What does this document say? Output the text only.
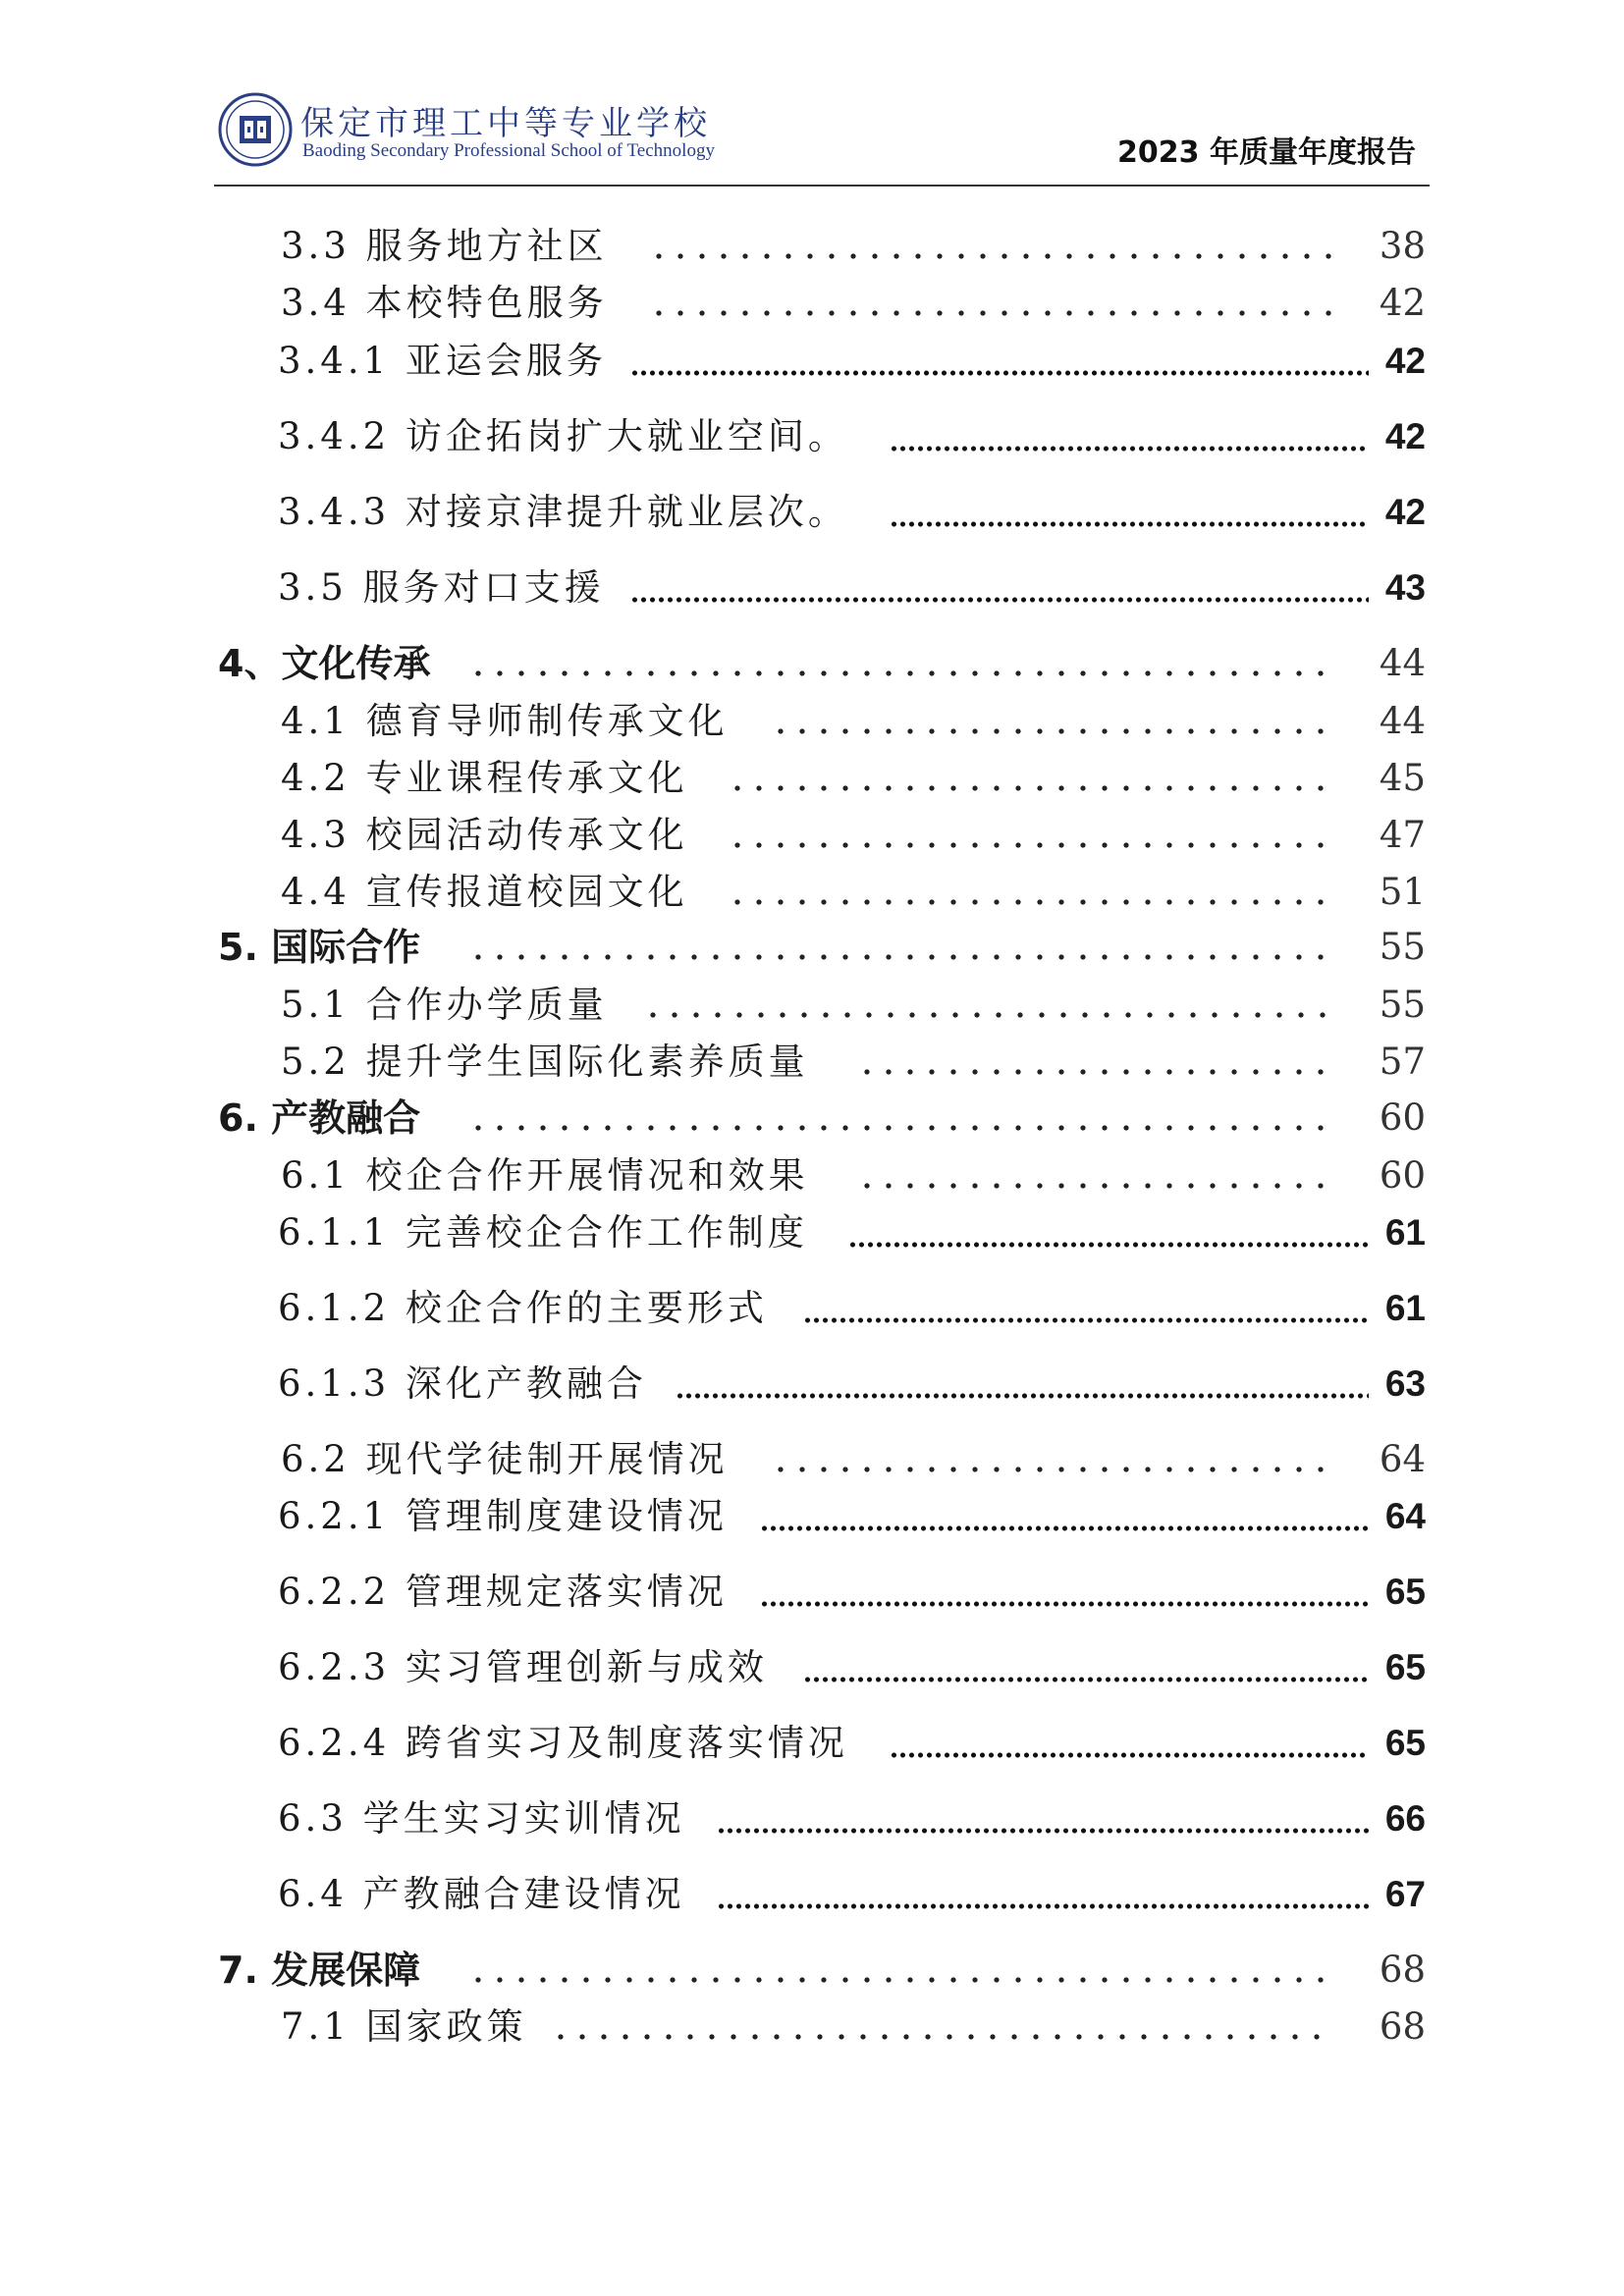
保定市理工中等专业学校
Baoding Secondary Professional School of Technology	2023 年质量年度报告
3.3 服务地方社区	38
3.4 本校特色服务	42
3.4.1 亚运会服务	42
3.4.2 访企拓岗扩大就业空间。	42
3.4.3 对接京津提升就业层次。	42
3.5 服务对口支援	43
4、文化传承	44
4.1 德育导师制传承文化	44
4.2 专业课程传承文化	45
4.3 校园活动传承文化	47
4.4 宣传报道校园文化	51
5. 国际合作	55
5.1 合作办学质量	55
5.2 提升学生国际化素养质量	57
6. 产教融合	60
6.1 校企合作开展情况和效果	60
6.1.1 完善校企合作工作制度	61
6.1.2 校企合作的主要形式	61
6.1.3 深化产教融合	63
6.2 现代学徒制开展情况	64
6.2.1 管理制度建设情况	64
6.2.2 管理规定落实情况	65
6.2.3 实习管理创新与成效	65
6.2.4 跨省实习及制度落实情况	65
6.3 学生实习实训情况	66
6.4 产教融合建设情况	67
7. 发展保障	68
7.1 国家政策	68
